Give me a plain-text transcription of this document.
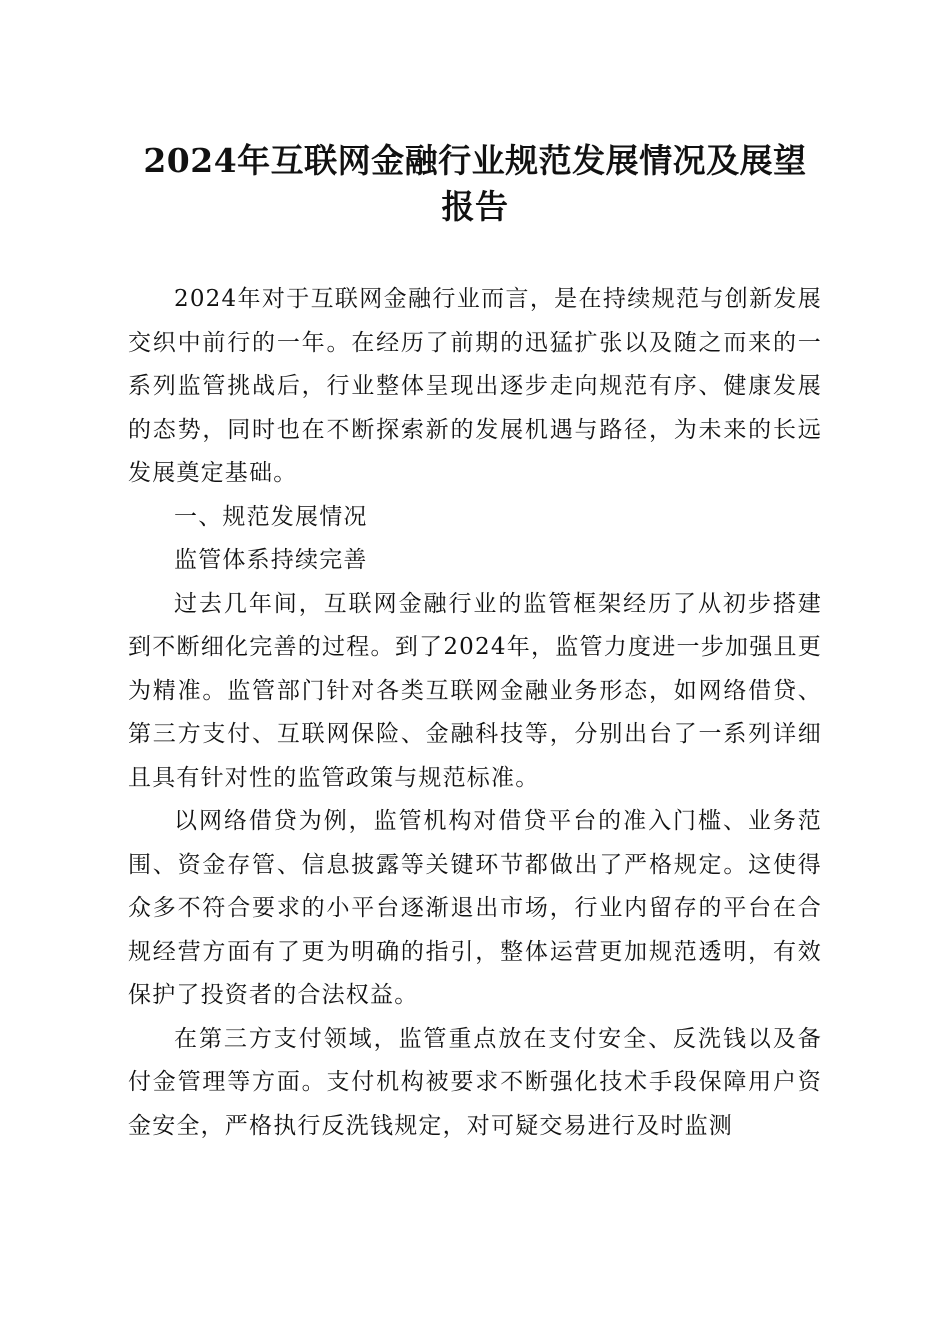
2024年互联网金融行业规范发展情况及展望
报告

2024年对于互联网金融行业而言，是在持续规范与创新发展交织中前行的一年。在经历了前期的迅猛扩张以及随之而来的一系列监管挑战后，行业整体呈现出逐步走向规范有序、健康发展的态势，同时也在不断探索新的发展机遇与路径，为未来的长远发展奠定基础。

一、规范发展情况

监管体系持续完善

过去几年间，互联网金融行业的监管框架经历了从初步搭建到不断细化完善的过程。到了2024年，监管力度进一步加强且更为精准。监管部门针对各类互联网金融业务形态，如网络借贷、第三方支付、互联网保险、金融科技等，分别出台了一系列详细且具有针对性的监管政策与规范标准。

以网络借贷为例，监管机构对借贷平台的准入门槛、业务范围、资金存管、信息披露等关键环节都做出了严格规定。这使得众多不符合要求的小平台逐渐退出市场，行业内留存的平台在合规经营方面有了更为明确的指引，整体运营更加规范透明，有效保护了投资者的合法权益。

在第三方支付领域，监管重点放在支付安全、反洗钱以及备付金管理等方面。支付机构被要求不断强化技术手段保障用户资金安全，严格执行反洗钱规定，对可疑交易进行及时监测
